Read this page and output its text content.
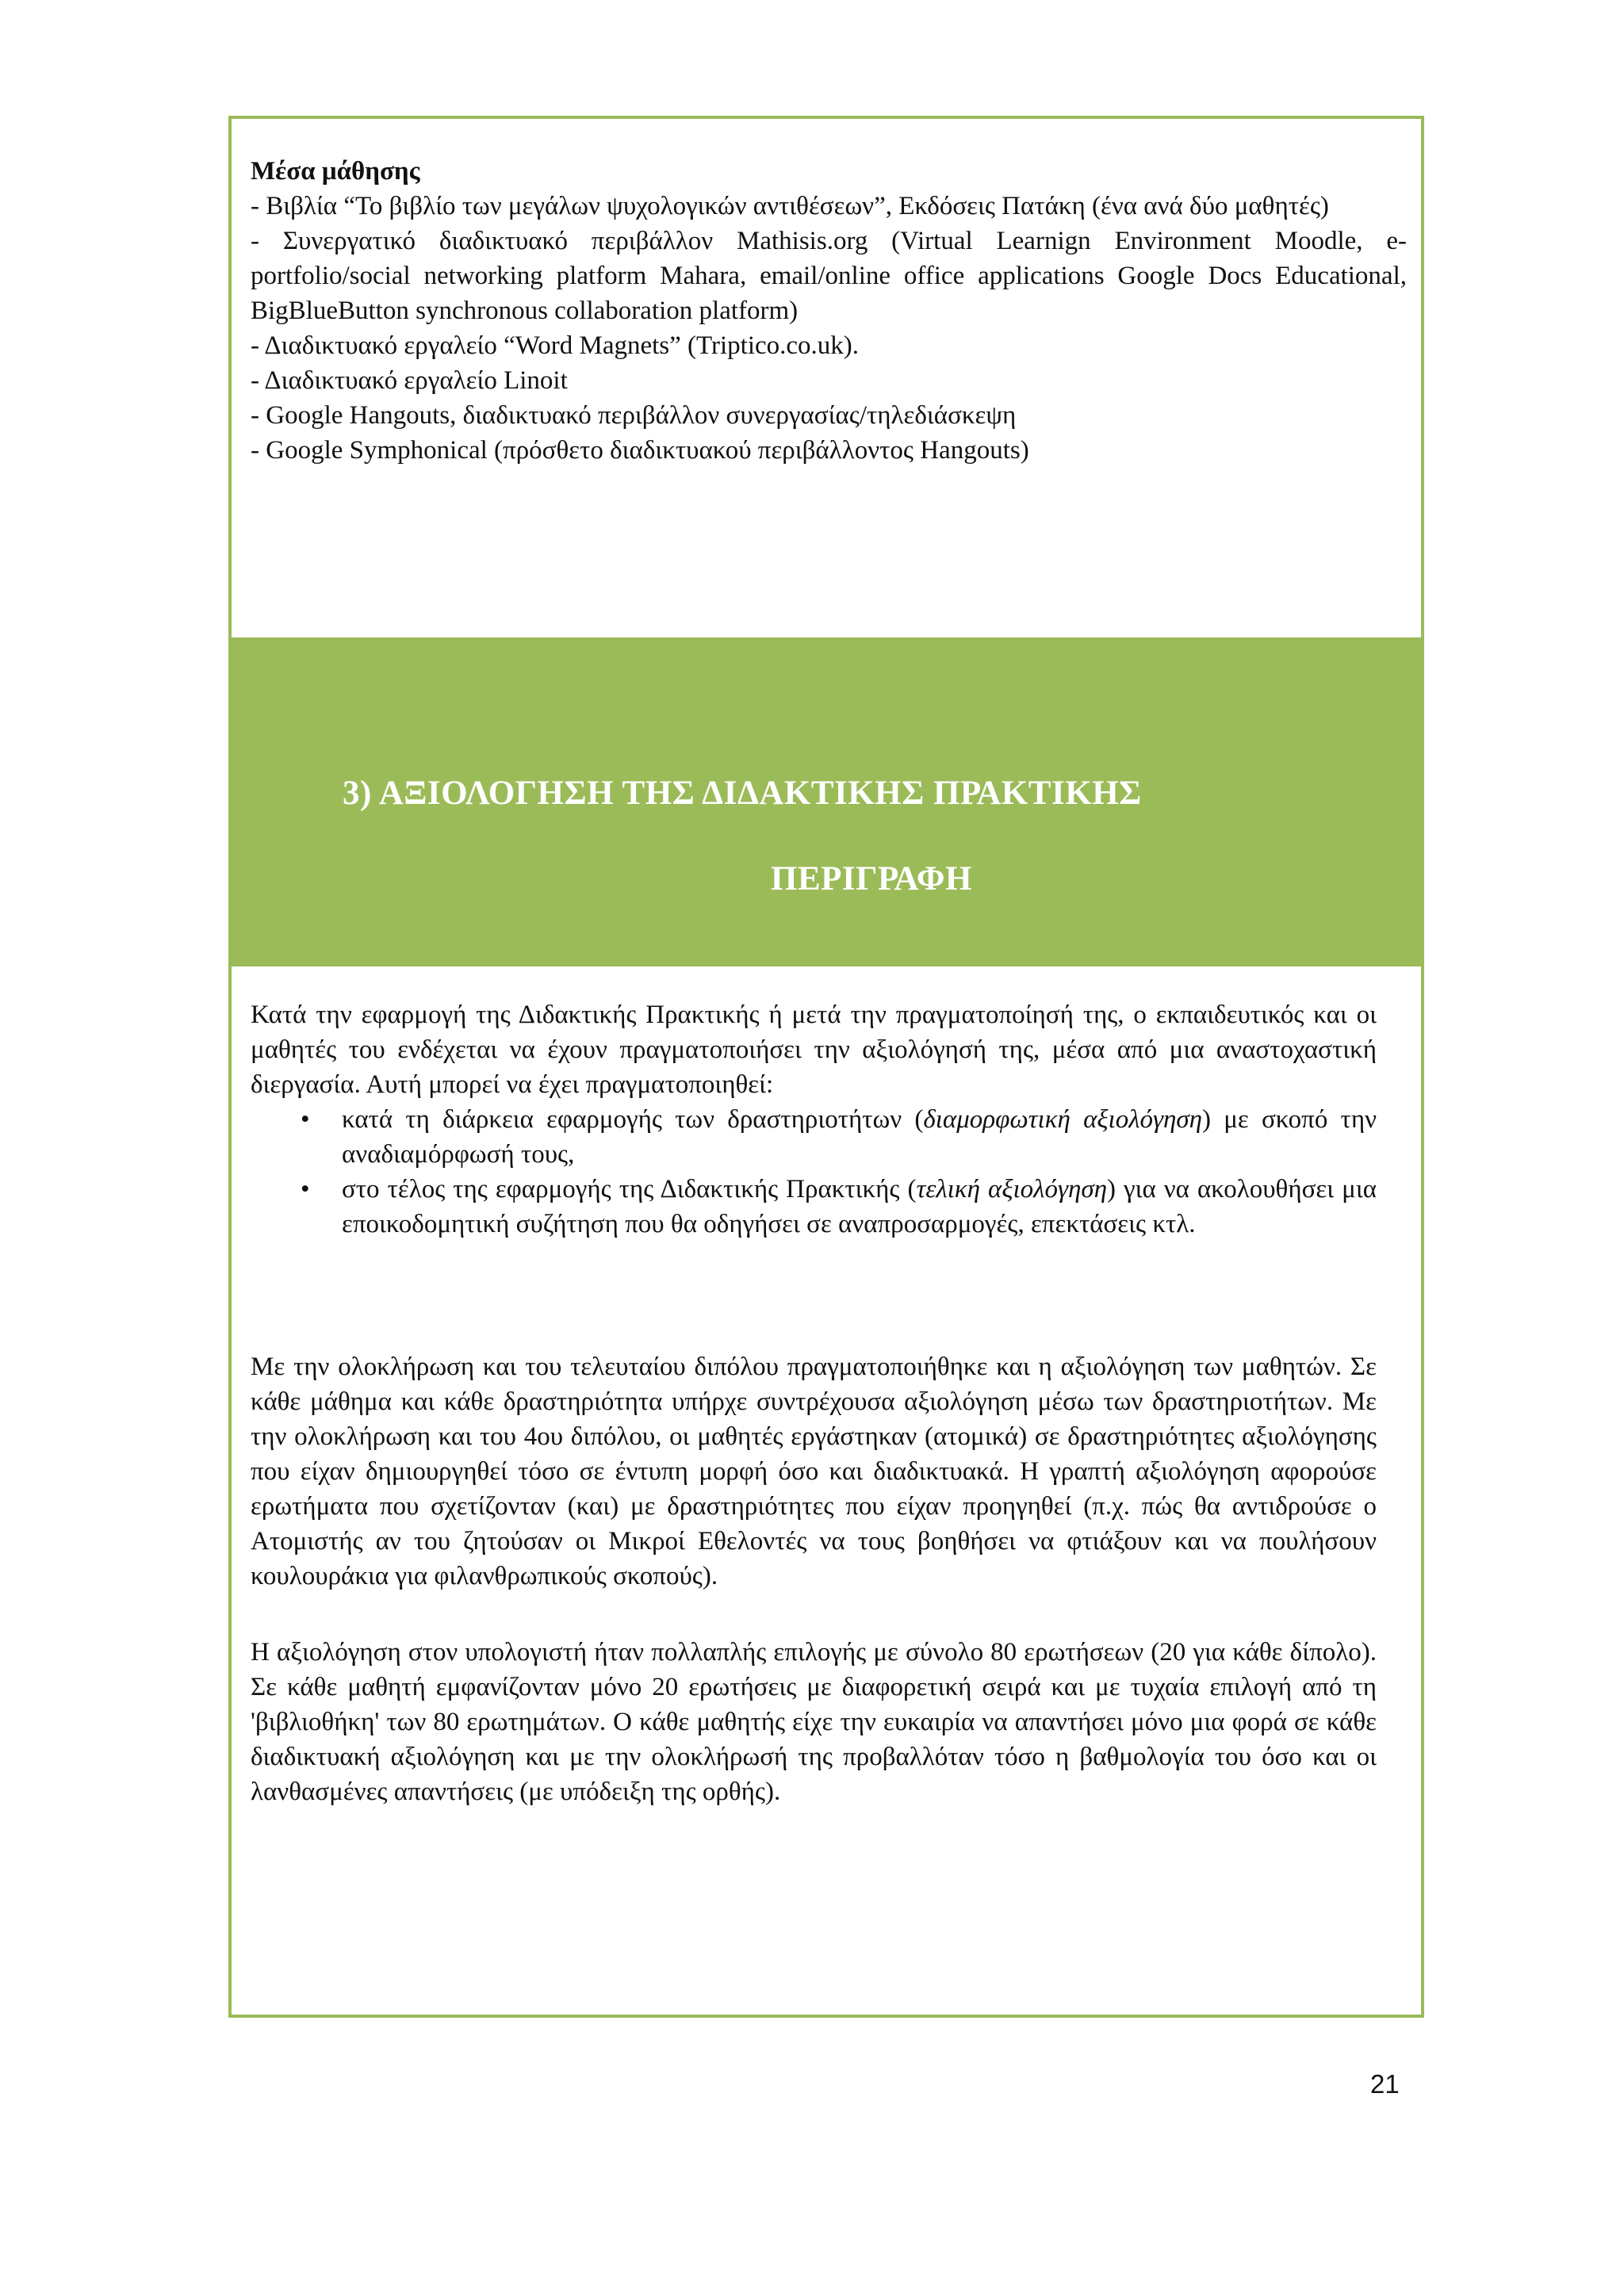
Μέσα μάθησης

- Βιβλία “Το βιβλίο των μεγάλων ψυχολογικών αντιθέσεων”, Εκδόσεις Πατάκη (ένα ανά δύο μαθητές)

- Συνεργατικό διαδικτυακό περιβάλλον Mathisis.org (Virtual Learnign Environment Moodle, e-portfolio/social networking platform Mahara, email/online office applications Google Docs Educational, BigBlueButton synchronous collaboration platform)

- Διαδικτυακό εργαλείο “Word Magnets” (Triptico.co.uk).

- Διαδικτυακό εργαλείο Linoit

- Google Hangouts, διαδικτυακό περιβάλλον συνεργασίας/τηλεδιάσκεψη

- Google Symphonical (πρόσθετο διαδικτυακού περιβάλλοντος Hangouts)

3) ΑΞΙΟΛΟΓΗΣΗ ΤΗΣ ΔΙΔΑΚΤΙΚΗΣ ΠΡΑΚΤΙΚΗΣ
ΠΕΡΙΓΡΑΦΗ

Κατά την εφαρμογή της Διδακτικής Πρακτικής ή μετά την πραγματοποίησή της, ο εκπαιδευτικός και οι μαθητές του ενδέχεται να έχουν πραγματοποιήσει την αξιολόγησή της, μέσα από μια αναστοχαστική διεργασία. Αυτή μπορεί να έχει πραγματοποιηθεί:

• κατά τη διάρκεια εφαρμογής των δραστηριοτήτων (διαμορφωτική αξιολόγηση) με σκοπό την αναδιαμόρφωσή τους,
• στο τέλος της εφαρμογής της Διδακτικής Πρακτικής (τελική αξιολόγηση) για να ακολουθήσει μια εποικοδομητική συζήτηση που θα οδηγήσει σε αναπροσαρμογές, επεκτάσεις κτλ.

Με την ολοκλήρωση και του τελευταίου διπόλου πραγματοποιήθηκε και η αξιολόγηση των μαθητών. Σε κάθε μάθημα και κάθε δραστηριότητα υπήρχε συντρέχουσα αξιολόγηση μέσω των δραστηριοτήτων. Με την ολοκλήρωση και του 4ου διπόλου, οι μαθητές εργάστηκαν (ατομικά) σε δραστηριότητες αξιολόγησης που είχαν δημιουργηθεί τόσο σε έντυπη μορφή όσο και διαδικτυακά. Η γραπτή αξιολόγηση αφορούσε ερωτήματα που σχετίζονταν (και) με δραστηριότητες που είχαν προηγηθεί (π.χ. πώς θα αντιδρούσε ο Ατομιστής αν του ζητούσαν οι Μικροί Εθελοντές να τους βοηθήσει να φτιάξουν και να πουλήσουν κουλουράκια για φιλανθρωπικούς σκοπούς).

Η αξιολόγηση στον υπολογιστή ήταν πολλαπλής επιλογής με σύνολο 80 ερωτήσεων (20 για κάθε δίπολο). Σε κάθε μαθητή εμφανίζονταν μόνο 20 ερωτήσεις με διαφορετική σειρά και με τυχαία επιλογή από τη 'βιβλιοθήκη' των 80 ερωτημάτων. Ο κάθε μαθητής είχε την ευκαιρία να απαντήσει μόνο μια φορά σε κάθε διαδικτυακή αξιολόγηση και με την ολοκλήρωσή της προβαλλόταν τόσο η βαθμολογία του όσο και οι λανθασμένες απαντήσεις (με υπόδειξη της ορθής).

21
